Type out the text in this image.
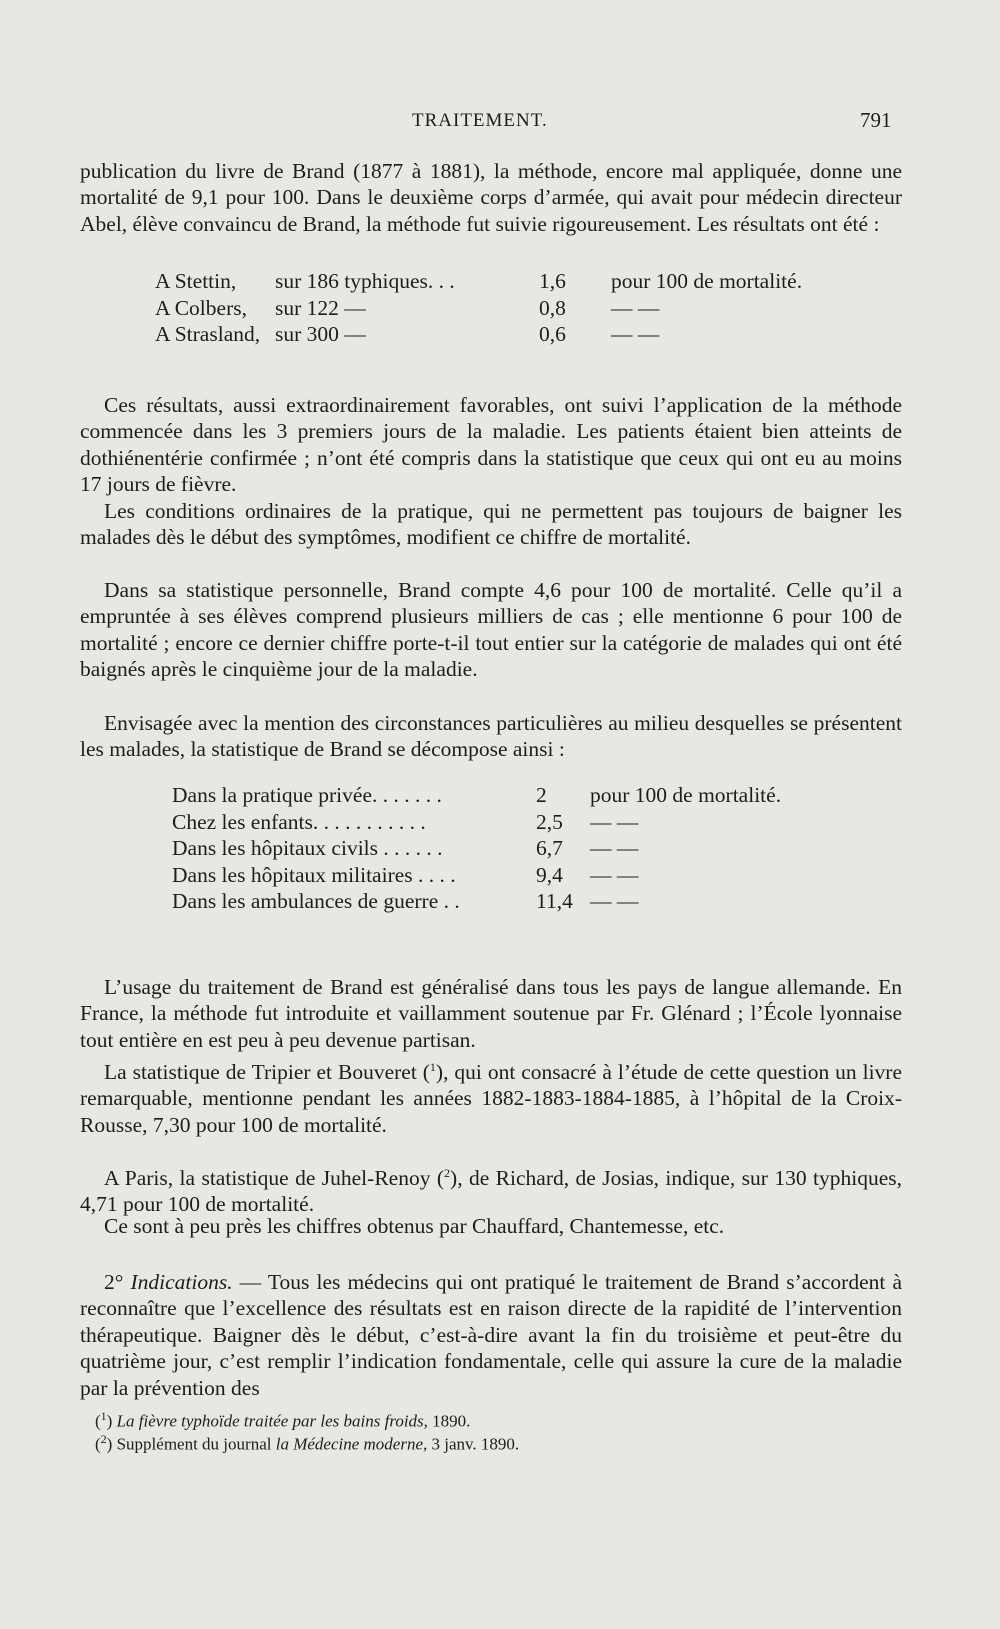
TRAITEMENT.	791

publication du livre de Brand (1877 à 1881), la méthode, encore mal appliquée, donne une mortalité de 9,1 pour 100. Dans le deuxième corps d’armée, qui avait pour médecin directeur Abel, élève convaincu de Brand, la méthode fut suivie rigoureusement. Les résultats ont été :

A Stettin, sur 186 typhiques. . .	1,6 pour 100 de mortalité.
A Colbers, sur 122 —	0,8 — —
A Strasland, sur 300 —	0,6 — —

Ces résultats, aussi extraordinairement favorables, ont suivi l’application de la méthode commencée dans les 3 premiers jours de la maladie. Les patients étaient bien atteints de dothiénentérie confirmée ; n’ont été compris dans la statistique que ceux qui ont eu au moins 17 jours de fièvre.

Les conditions ordinaires de la pratique, qui ne permettent pas toujours de baigner les malades dès le début des symptômes, modifient ce chiffre de mortalité.

Dans sa statistique personnelle, Brand compte 4,6 pour 100 de mortalité. Celle qu’il a empruntée à ses élèves comprend plusieurs milliers de cas ; elle mentionne 6 pour 100 de mortalité ; encore ce dernier chiffre porte-t-il tout entier sur la catégorie de malades qui ont été baignés après le cinquième jour de la maladie.

Envisagée avec la mention des circonstances particulières au milieu desquelles se présentent les malades, la statistique de Brand se décompose ainsi :

Dans la pratique privée. . . . . . .	2 pour 100 de mortalité.
Chez les enfants. . . . . . . . . . .	2,5 — —
Dans les hôpitaux civils . . . . . .	6,7 — —
Dans les hôpitaux militaires . . . .	9,4 — —
Dans les ambulances de guerre . .	11,4 — —

L’usage du traitement de Brand est généralisé dans tous les pays de langue allemande. En France, la méthode fut introduite et vaillamment soutenue par Fr. Glénard ; l’École lyonnaise tout entière en est peu à peu devenue partisan.

La statistique de Tripier et Bouveret ($^1$), qui ont consacré à l’étude de cette question un livre remarquable, mentionne pendant les années 1882-1883-1884-1885, à l’hôpital de la Croix-Rousse, 7,30 pour 100 de mortalité.

A Paris, la statistique de Juhel-Renoy ($^2$), de Richard, de Josias, indique, sur 130 typhiques, 4,71 pour 100 de mortalité.

Ce sont à peu près les chiffres obtenus par Chauffard, Chantemesse, etc.

2° Indications. — Tous les médecins qui ont pratiqué le traitement de Brand s’accordent à reconnaître que l’excellence des résultats est en raison directe de la rapidité de l’intervention thérapeutique. Baigner dès le début, c’est-à-dire avant la fin du troisième et peut-être du quatrième jour, c’est remplir l’indication fondamentale, celle qui assure la cure de la maladie par la prévention des

($^1$) La fièvre typhoïde traitée par les bains froids, 1890.
($^2$) Supplément du journal la Médecine moderne, 3 janv. 1890.
